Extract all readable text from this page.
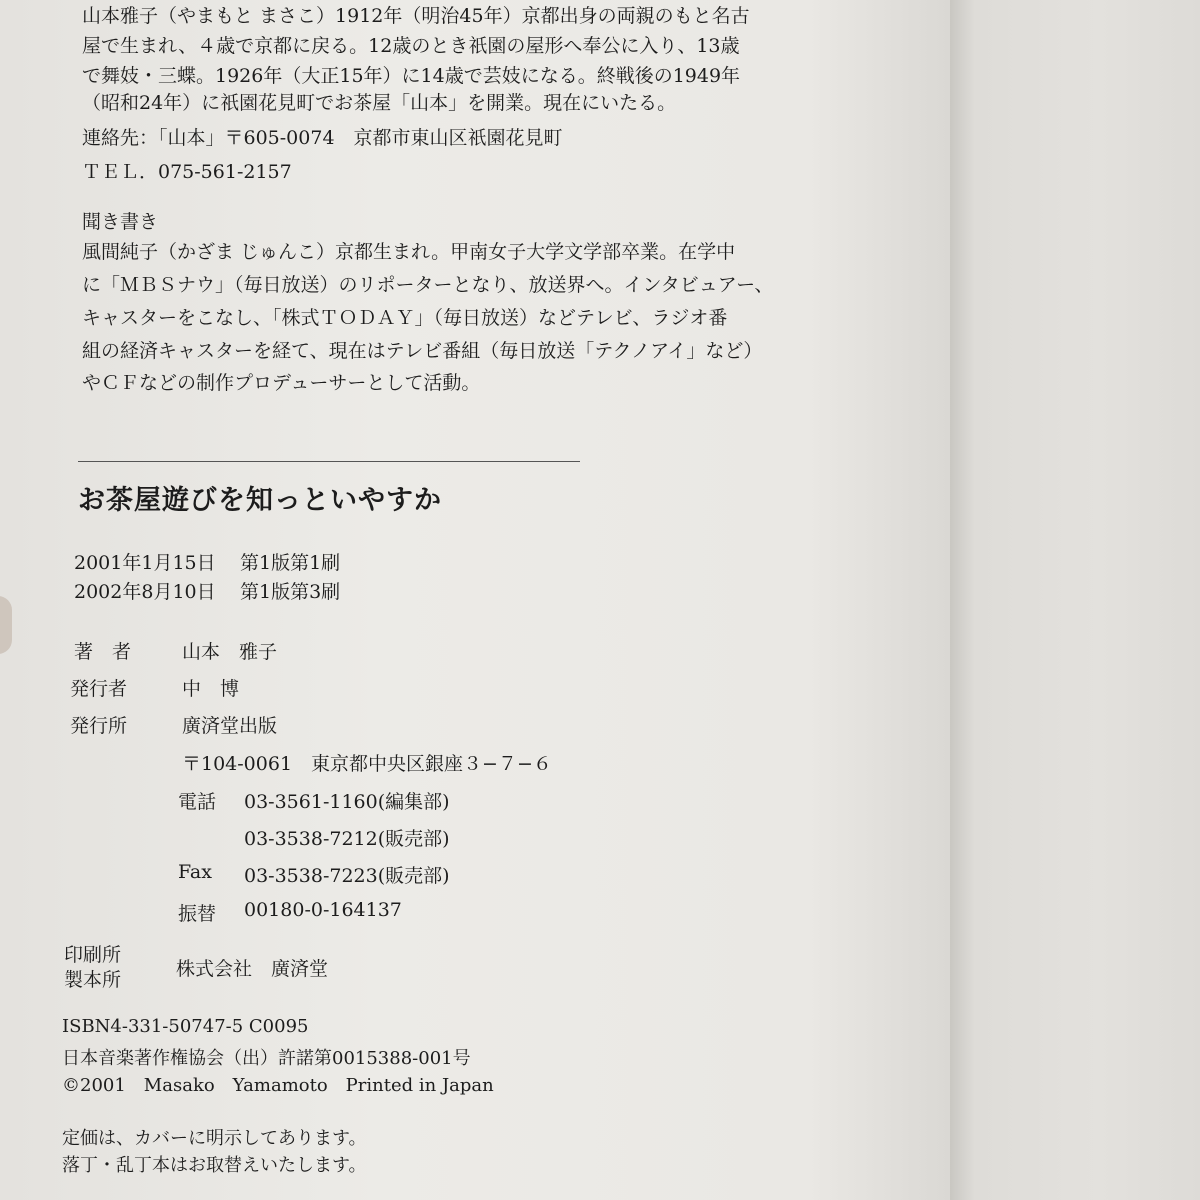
山本雅子（やまもと まさこ）1912年（明治45年）京都出身の両親のもと名古
屋で生まれ、４歳で京都に戻る。12歳のとき祇園の屋形へ奉公に入り、13歳
で舞妓・三蝶。1926年（大正15年）に14歳で芸妓になる。終戦後の1949年
（昭和24年）に祇園花見町でお茶屋「山本」を開業。現在にいたる。
連絡先：「山本」〒605-0074　京都市東山区祇園花見町
ＴＥＬ．075-561-2157
聞き書き
風間純子（かざま じゅんこ）京都生まれ。甲南女子大学文学部卒業。在学中
に「ＭＢＳナウ」（毎日放送）のリポーターとなり、放送界へ。インタビュアー、
キャスターをこなし、「株式ＴＯＤＡＹ」（毎日放送）などテレビ、ラジオ番
組の経済キャスターを経て、現在はテレビ番組（毎日放送「テクノアイ」など）
やＣＦなどの制作プロデューサーとして活動。
お茶屋遊びを知っといやすか
2001年1月15日 第1版第1刷
2002年8月10日 第1版第3刷
著　者	山本　雅子
発行者	中　博
発行所	廣済堂出版
〒104-0061　東京都中央区銀座３−７−６
電話 03-3561-1160(編集部)
03-3538-7212(販売部)
Fax 03-3538-7223(販売部)
振替 00180-0-164137
印刷所
製本所	株式会社　廣済堂
ISBN4-331-50747-5 C0095
日本音楽著作権協会（出）許諾第0015388-001号
©2001　Masako　Yamamoto　Printed in Japan
定価は、カバーに明示してあります。
落丁・乱丁本はお取替えいたします。
